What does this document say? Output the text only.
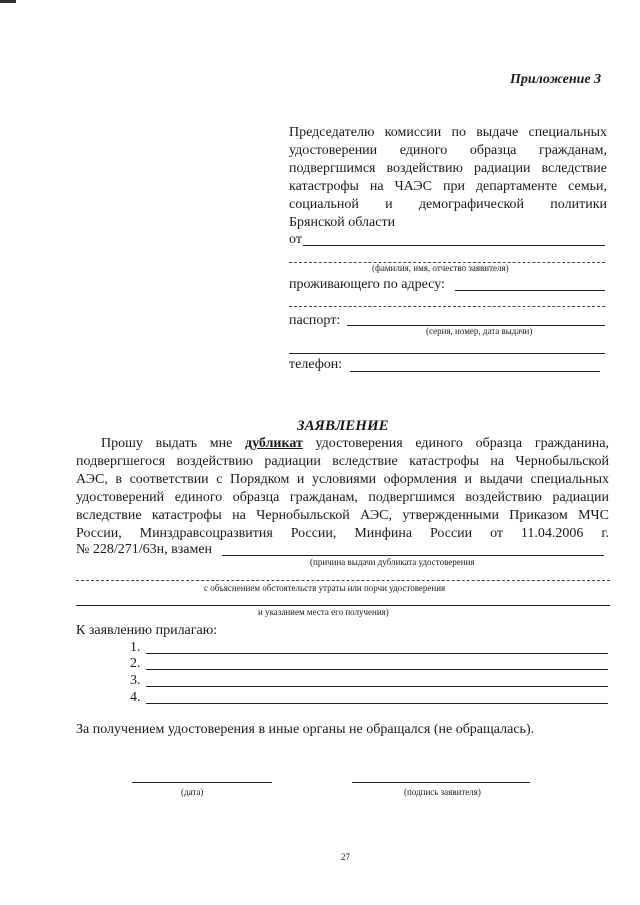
Приложение 3
Председателю комиссии по выдаче специальных
удостоверении единого образца гражданам,
подвергшимся воздействию радиации вследствие
катастрофы на ЧАЭС при департаменте семьи,
социальной и демографической политики
Брянской области
от
(фамилия, имя, отчество заявителя)
проживающего по адресу:
паспорт:
(серия, номер, дата выдачи)
телефон:
ЗАЯВЛЕНИЕ
Прошу выдать мне дубликат удостоверения единого образца гражданина,
подвергшегося воздействию радиации вследствие катастрофы на Чернобыльской
АЭС, в соответствии с Порядком и условиями оформления и выдачи специальных
удостоверений единого образца гражданам, подвергшимся воздействию радиации
вследствие катастрофы на Чернобыльской АЭС, утвержденными Приказом МЧС
России, Минздравсоцразвития России, Минфина России от 11.04.2006 г.
№ 228/271/63н, взамен
(причина выдачи дубликата удостоверения
с объяснением обстоятельств утраты или порчи удостоверения
и указанием места его получения)
К заявлению прилагаю:
1.
2.
3.
4.
За получением удостоверения в иные органы не обращался (не обращалась).
(дата)	(подпись заявителя)
27
